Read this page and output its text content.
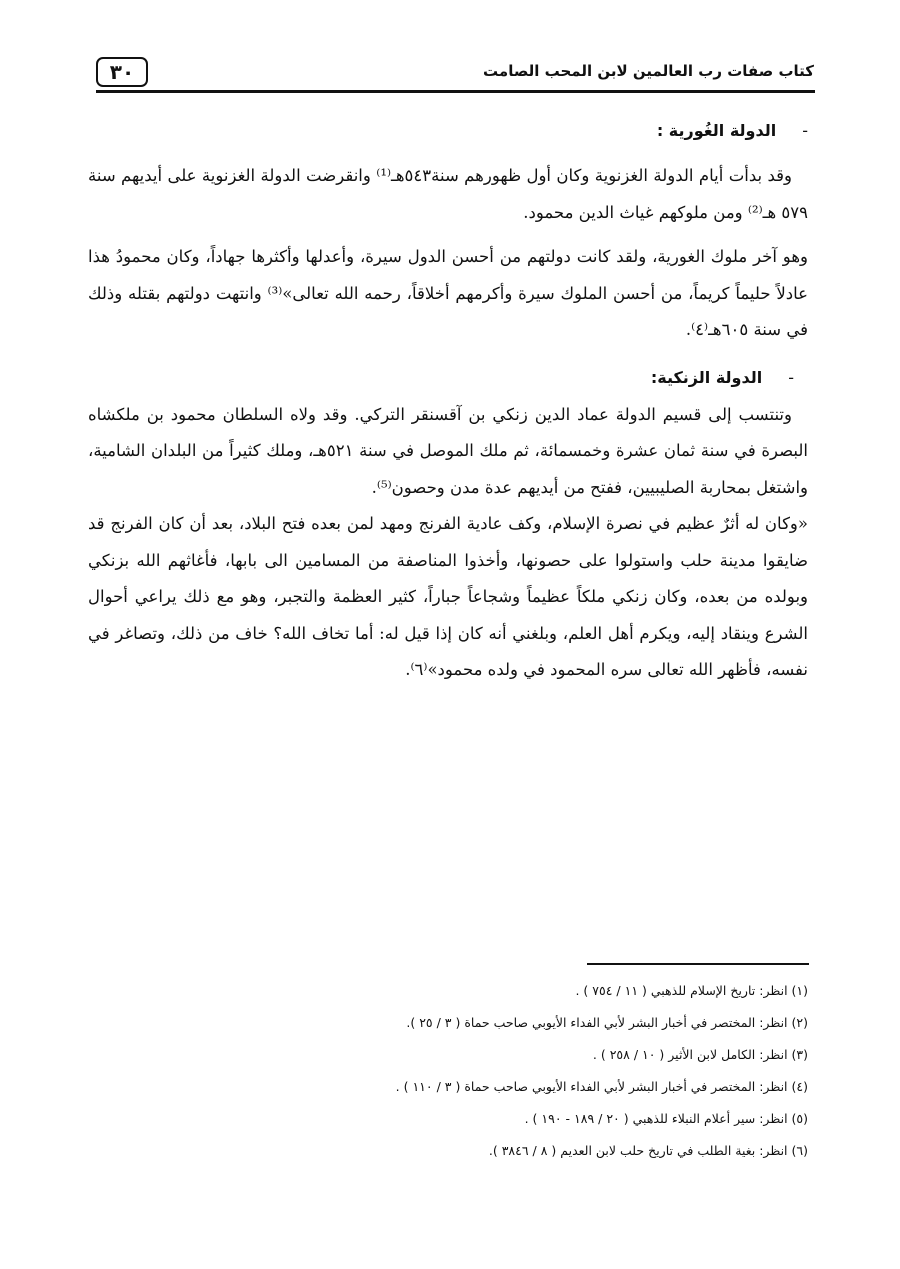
٣٠	كتاب صفات رب العالمين لابن المحب الصامت

-الدولة الغُورية :

وقد بدأت أيام الدولة الغزنوية وكان أول ظهورهم سنة٥٤٣هـ⁽¹⁾ وانقرضت الدولة الغزنوية على أيديهم سنة ٥٧٩ هـ⁽²⁾ ومن ملوكهم غياث الدين محمود.

وهو آخر ملوك الغورية، ولقد كانت دولتهم من أحسن الدول سيرة، وأعدلها وأكثرها جهاداً، وكان محمودُ هذا عادلاً حليماً كريماً، من أحسن الملوك سيرة وأكرمهم أخلاقاً، رحمه الله تعالى»⁽³⁾ وانتهت دولتهم بقتله وذلك في سنة ٦٠٥هـ⁽٤⁾.

-الدولة الزنكية:

وتنتسب إلى قسيم الدولة عماد الدين زنكي بن آقسنقر التركي. وقد ولاه السلطان محمود بن ملكشاه البصرة في سنة ثمان عشرة وخمسمائة، ثم ملك الموصل في سنة ٥٢١هـ، وملك كثيراً من البلدان الشامية، واشتغل بمحاربة الصليبيين، ففتح من أيديهم عدة مدن وحصون⁽⁵⁾.

«وكان له أثرٌ عظيم في نصرة الإسلام، وكف عادية الفرنج ومهد لمن بعده فتح البلاد، بعد أن كان الفرنج قد ضايقوا مدينة حلب واستولوا على حصونها، وأخذوا المناصفة من المسامين الى بابها، فأغاثهم الله بزنكي وبولده من بعده، وكان زنكي ملكاً عظيماً وشجاعاً جباراً، كثير العظمة والتجبر، وهو مع ذلك يراعي أحوال الشرع وينقاد إليه، ويكرم أهل العلم، وبلغني أنه كان إذا قيل له: أما تخاف الله؟ خاف من ذلك، وتصاغر في نفسه، فأظهر الله تعالى سره المحمود في ولده محمود»⁽٦⁾.

(١) انظر: تاريخ الإسلام للذهبي ( ١١ / ٧٥٤ ) .

(٢) انظر: المختصر في أخبار البشر لأبي الفداء الأيوبي صاحب حماة ( ٣ / ٢٥ ).

(٣) انظر: الكامل لابن الأثير ( ١٠ / ٢٥٨ ) .

(٤) انظر: المختصر في أخبار البشر لأبي الفداء الأيوبي صاحب حماة ( ٣ / ١١٠ ) .

(٥) انظر: سير أعلام النبلاء للذهبي ( ٢٠ / ١٨٩ - ١٩٠ ) .

(٦) انظر: بغية الطلب في تاريخ حلب لابن العديم ( ٨ / ٣٨٤٦ ).
